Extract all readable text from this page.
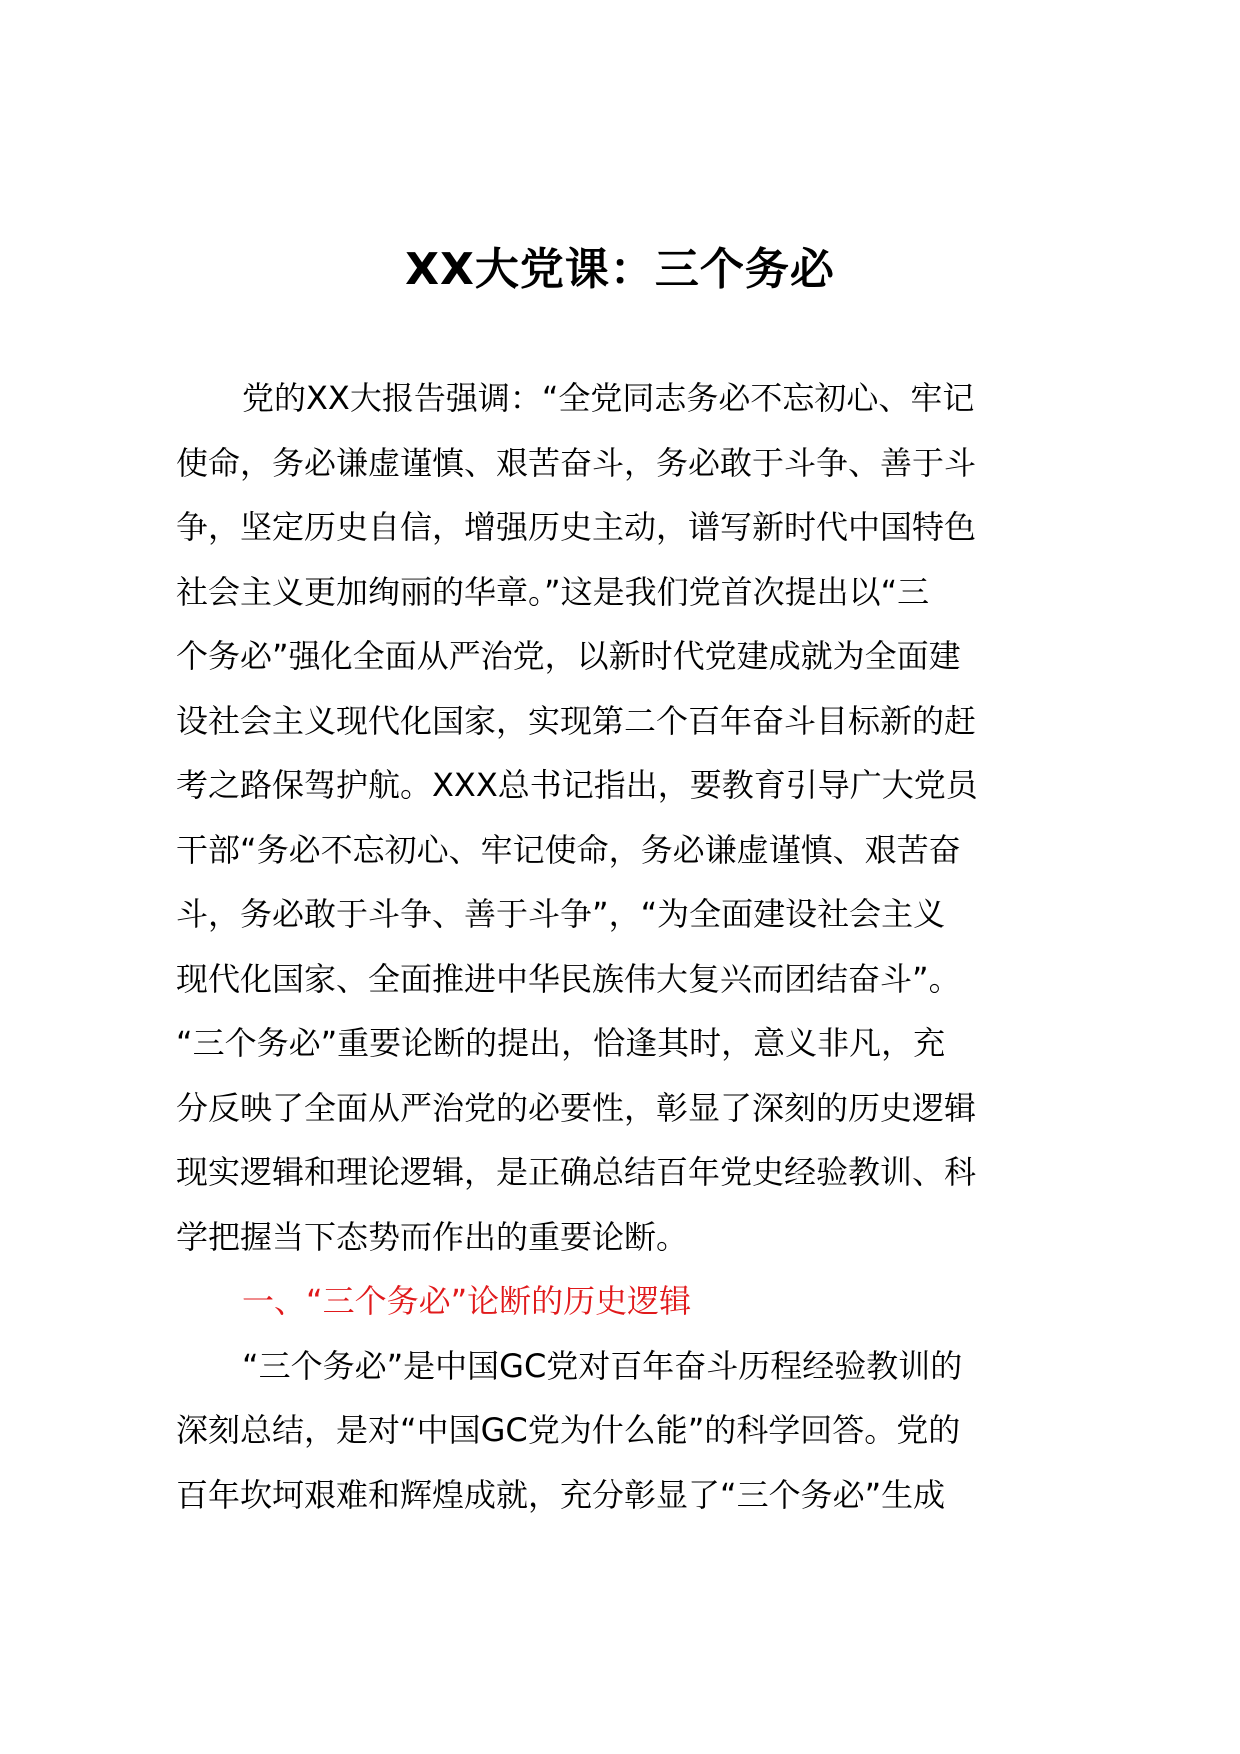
XX大党课：三个务必
党的XX大报告强调：“全党同志务必不忘初心、牢记
使命，务必谦虚谨慎、艰苦奋斗，务必敢于斗争、善于斗
争，坚定历史自信，增强历史主动，谱写新时代中国特色
社会主义更加绚丽的华章。”这是我们党首次提出以“三
个务必”强化全面从严治党，以新时代党建成就为全面建
设社会主义现代化国家，实现第二个百年奋斗目标新的赶
考之路保驾护航。XXX总书记指出，要教育引导广大党员
干部“务必不忘初心、牢记使命，务必谦虚谨慎、艰苦奋
斗，务必敢于斗争、善于斗争”，“为全面建设社会主义
现代化国家、全面推进中华民族伟大复兴而团结奋斗”。
“三个务必”重要论断的提出，恰逢其时，意义非凡，充
分反映了全面从严治党的必要性，彰显了深刻的历史逻辑
现实逻辑和理论逻辑，是正确总结百年党史经验教训、科
学把握当下态势而作出的重要论断。
一、“三个务必”论断的历史逻辑
“三个务必”是中国GC党对百年奋斗历程经验教训的
深刻总结，是对“中国GC党为什么能”的科学回答。党的
百年坎坷艰难和辉煌成就，充分彰显了“三个务必”生成
